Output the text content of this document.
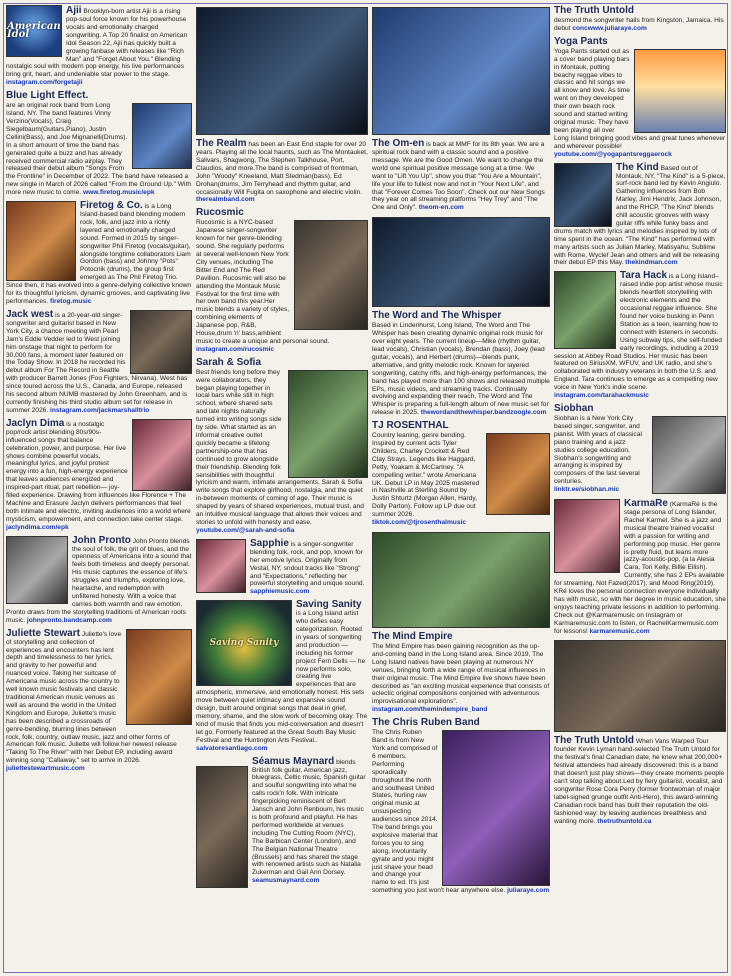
American Idol

Ajii Brooklyn-born artist Ajii is a rising pop-soul force known for his powerhouse vocals and emotionally charged songwriting. A Top 20 finalist on American Idol Season 22, Ajii has quickly built a growing fanbase with releases like "Rich Man" and "Forget About You." Blending nostalgic soul with modern pop energy, his live performances bring grit, heart, and undeniable star power to the stage. instagram.com/forgetajii

Blue Light Effect.

are an original rock band from Long Island, NY. The band features Vinny Verzino(Vocals), Craig Siegelbaum(Guitars,Piano), Justin Cellini(Bass), and Joe Mignanelli(Drums). In a short amount of time the band has generated quite a buzz and has already received commercial radio airplay. They released their debut album "Songs From the Frontline" in December of 2022. The band have released a new single in March of 2026 called "From the Ground Up." With more new music to come. www.firetog.music/epk

Firetog & Co. is a Long Island-based band blending modern rock, folk, and jazz into a richly layered and emotionally charged sound. Formed in 2015 by singer-songwriter Phil Firetog (vocals/guitar), alongside longtime collaborators Liam Gordon (bass) and Johnny "Pots" Potocnik (drums), the group first emerged as The Phil Firetog Trio. Since then, it has evolved into a genre-defying collective known for its thoughtful lyricism, dynamic grooves, and captivating live performances. firetog.music

Jack west is a 20-year-old singer-songwriter and guitarist based in New York City, a chance meeting with Pearl Jam's Eddie Vedder led to West joining him onstage that night to perform for 30,000 fans, a moment later featured on the Today Show. In 2018 he recorded his debut album For The Record in Seattle with producer Barrett Jones (Foo Fighters, Nirvana). West has since toured across the U.S., Canada, and Europe, released his second album NUMB mastered by John Greenham, and is currently finishing his third studio album set for release in summer 2026. instagram.com/jackmarshalltrio

Jaclyn Dima is a nostalgic pop/rock artist blending 80s/90s-influenced songs that balance celebration, power, and purpose. Her live shows combine powerful vocals, meaningful lyrics, and joyful protest energy into a fun, high-energy experience that leaves audiences energized and inspired-part ritual, part rebellion— joy-filled experience. Drawing from influences like Florence + The Machine and Erasure Jaclyn delivers performances that feel both intimate and electric, inviting audiences into a world where mysticism, empowerment, and connection take center stage. jaclyndima.com/epk

John Pronto John Pronto blends the soul of folk, the grit of blues, and the openness of Americana into a sound that feels both timeless and deeply personal. His music captures the essence of life's struggles and triumphs, exploring love, heartache, and redemption with unfiltered honesty. With a voice that carries both warmth and raw emotion, Pronto draws from the storytelling traditions of American roots music. johnpronto.bandcamp.com

Juliette Stewart Juliette's love of storytelling and collection of experiences and encounters has lent depth and timelessness to her lyrics, and gravity to her powerful and nuanced voice. Taking her suitcase of Americana music across the country to well known music festivals and classic traditional American music venues as well as around the world in the United Kingdom and Europe, Juliette's music has been described a crossroads of genre-bending, blurring lines between rock, folk, country, outlaw music, jazz and other forms of American folk music. Juliette will follow her newest release "Taking To The River" with her Debut EP, including award winning song "Callaway," set to arrive in 2026. juliettestewartmusic.com

The Realm has been an East End staple for over 20 years. Playing all the local haunts, such as The Montauket, Salivars, Shagwong, The Stephen Talkhouse, Port, Claudios, and more.The band is comprised of frontman, John "Woody" Kneeland, Matt Stedman(bass), Ed Drohan(drums, Jim Terryhead and rhythm guitar, and occasionally Will Fugita on saxophone and electric violin. therealmband.com

Rucosmic

Rucosmic is a NYC-based Japanese singer-songwriter known for her genre-blending sound. She regularly performs at several well-known New York City venues, including The Bitter End and The Red Pavilion. Rucosmic will also be attending the Montauk Music Festival for the first time with her own band this year.Her music blends a variety of styles, combining elements of Japanese pop, R&B, House,drum 'n' bass,ambient music to create a unique and personal sound. instagram.com/rucosmic

Sarah & Sofia

Best friends long before they were collaborators, they began playing together in local bars while still in high school, where shared sets and late nights naturally turned into writing songs side by side. What started as an informal creative outlet quickly became a lifelong partnership-one that has continued to grow alongside their friendship. Blending folk sensibilities with thoughtful lyricism and warm, intimate arrangements, Sarah & Sofia write songs that explore girlhood, nostalgia, and the quiet in-between moments of coming of age. Their music is shaped by years of shared experiences, mutual trust, and an intuitive musical language that allows their voices and stories to unfold with honesty and ease. youtube.com/@sarah-and-sofia

Sapphie is a singer-songwriter blending folk, rock, and pop, known for her emotive lyrics. Originally from Vestal, NY, sndout tracks like "Strong" and "Expectations," reflecting her powerful storytelling and unique sound. sapphiemusic.com

Saving Sanity
Saving Sanity

is a Long Island artist who defies easy categorization. Rooted in years of songwriting and production — including his former project Fern Dells — he now performs solo, creating live experiences that are atmospheric, immersive, and emotionally honest. His sets move between quiet intimacy and expansive sound design, built around original songs that deal in grief, memory, shame, and the slow work of becoming okay. The kind of music that finds you mid-conversation and doesn't let go. Formerly featured at the Great South Bay Music Festival and the Huntington Arts Festival.. salvatoresantiago.com

Séamus Maynard blends British folk guitar, American jazz, bluegrass, Celtic music, Spanish guitar and soulful songwriting into what he calls rock'n folk. With intricate fingerpicking reminiscent of Bert Jansch and John Renbourn, his music is both profound and playful. He has performed worldwide at venues including The Cutting Room (NYC), The Barbican Center (London), and The Belgian National Theatre (Brussels) and has shared the stage with renowned artists such as Natalia Zukerman and Gail Ann Dorsey. seamusmaynard.com

The Om-en is back at MMF for its 8th year. We are a spiritual rock band with a classic sound and a positive message. We are the Good Omen. We want to change the world one spiritual positive message song at a time. We want to "Lift You Up", show you that "You Are a Mountain", life your life to fullest now and not in "Your Next Life", and that "Forever Comes Too Soon". Check out our New Songs they year on all streaming platforms "Hey Trey" and "The One and Only". theom-en.com

The Word and The Whisper

Based in Lindenhurst, Long Island, The Word and The Whisper has been creating dynamic original rock music for over eight years. The current lineup—Mike (rhythm guitar, lead vocals), Christian (vocals), Brendan (bass), Joey (lead guitar, vocals), and Herbert (drums)—blends punk, alternative, and gritty melodic rock. Known for layered songwriting, catchy riffs, and high-energy performances, the band has played more than 100 shows and released multiple EPs, music videos, and streaming tracks. Continually evolving and expanding their reach, The Word and The Whisper is preparing a full-length album of new music set for release in 2025. thewordandthewhisper.bandzoogle.com

TJ ROSENTHAL

Country leaning, genre bending. Inspired by current acts Tyler Childers, Charley Crockett & Red Clay Strays. Legends like Haggard, Petty, Yoakam & McCartney. "A compelling writer." wrote Americana UK. Debut LP in May 2025 mastered in Nashville at Sterling Sound by Justin Shturtz (Morgan Allen, Hardy, Dolly Parton). Follow up LP due out summer 2026. tiktok.com/@tjrosenthalmusic

The Mind Empire

The Mind Empire has been gaining recognition as the up-and-coming band in the Long Island area. Since 2019, The Long Island natives have been playing at numerous NY venues, bringing forth a wide range of musical influences in their original music. The Mind Empire live shows have been described as "an exciting musical experience that consists of eclectic original compositions conjoined with adventurous improvisational explorations". instagram.com/themindempire_band

The Chris Ruben Band

The Chris Ruben Band is from New York and comprised of 6 members. Performing sporadically throughout the north and southeast United States, hurling raw original music at unsuspecting audiences since 2014. The band brings you explosive material that forces you to sing along, involuntarily gyrate and you might just shave your head and change your name to ed. It's just something you just won't hear anywhere else. juliaraye.com

The Truth Untold

desmond the songwriter hails from Kingston, Jamaica. His debut concwww.juliaraye.com

Yoga Pants

Yoga Pants started out as a cover band playing bars in Montauk, putting beachy reggae vibes to classic and hit songs we all know and love. As time went on they developed their own beach rock sound and started writing original music. They have been playing all over Long Island bringing good vibes and great tunes whenever and wherever possible! youtube.com/@yogapantsreggaerock

The Kind Based out of Montauk, NY, "The Kind" is a 5-piece, surf-rock band led by Kevin Angiulo. Gathering influences from Bob Marley, Jimi Hendrix, Jack Johnson, and the RHCP, "The Kind" blends chill acoustic grooves with wavy guitar riffs while funky bass and drums match with lyrics and melodies inspired by lots of time spent in the ocean. "The Kind" has performed with many artists such as Julian Marley, Matisyahu, Sublime with Rome, Wyclef Jean and others and will be releasing their debut EP this May. thekindman.com

Tara Hack is a Long Island–raised indie pop artist whose music blends heartfelt storytelling with electronic elements and the occasional reggae influence. She found her voice busking in Penn Station as a teen, learning how to connect with listeners in seconds. Using subway tips, she self-funded early recordings, including a 2019 session at Abbey Road Studios. Her music has been featured on SiriusXM, WFUV, and UK radio, and she's collaborated with industry veterans in both the U.S. and England. Tara continues to emerge as a compelling new voice in New York's indie scene. instagram.com/tarahackmusic

Siobhan

Siobhan is a New York City based singer, songwriter, and pianist. With years of classical piano training and a jazz studies college education, Siobhan's songwriting and arranging is inspired by composers of the last several centuries. linktr.ee/siobhan.mic

KarmaRe (KarmaRé is the stage persona of Long Islander, Rachel Karmel. She is a jazz and musical theatre trained vocalist with a passion for writing and performing pop music. Her genre is pretty fluid, but leans more jazzy-acoustic-pop, (a la Alesia Cara, Tori Kelly, Billie Eilish). Currently, she has 2 EPs available for streaming, Not Fazed(2017), and Mood Ring(2019). KRé loves the personal connection everyone individually has with music, so with her degree in music education, she enjoys teaching private lessons in addition to performing. Check out @Karmaremusic on Instagram or Karmaremusic.com to listen, or RachelKarmemusic.com for lessons! karmaremusic.com

The Truth Untold When Vans Warped Tour founder Kevin Lyman hand-selected The Truth Untold for the festival's final Canadian date, he knew what 200,000+ festival attendees had already discovered: this is a band that doesn't just play shows—they create moments people can't stop talking about.Led by fiery guitarist, vocalist, and songwriter Rose Cora Perry (former frontwoman of major label-signed grunge outfit Anti-Hero), this award-winning Canadian rock band has built their reputation the old-fashioned way: by leaving audiences breathless and wanting more. thetruthuntold.ca
